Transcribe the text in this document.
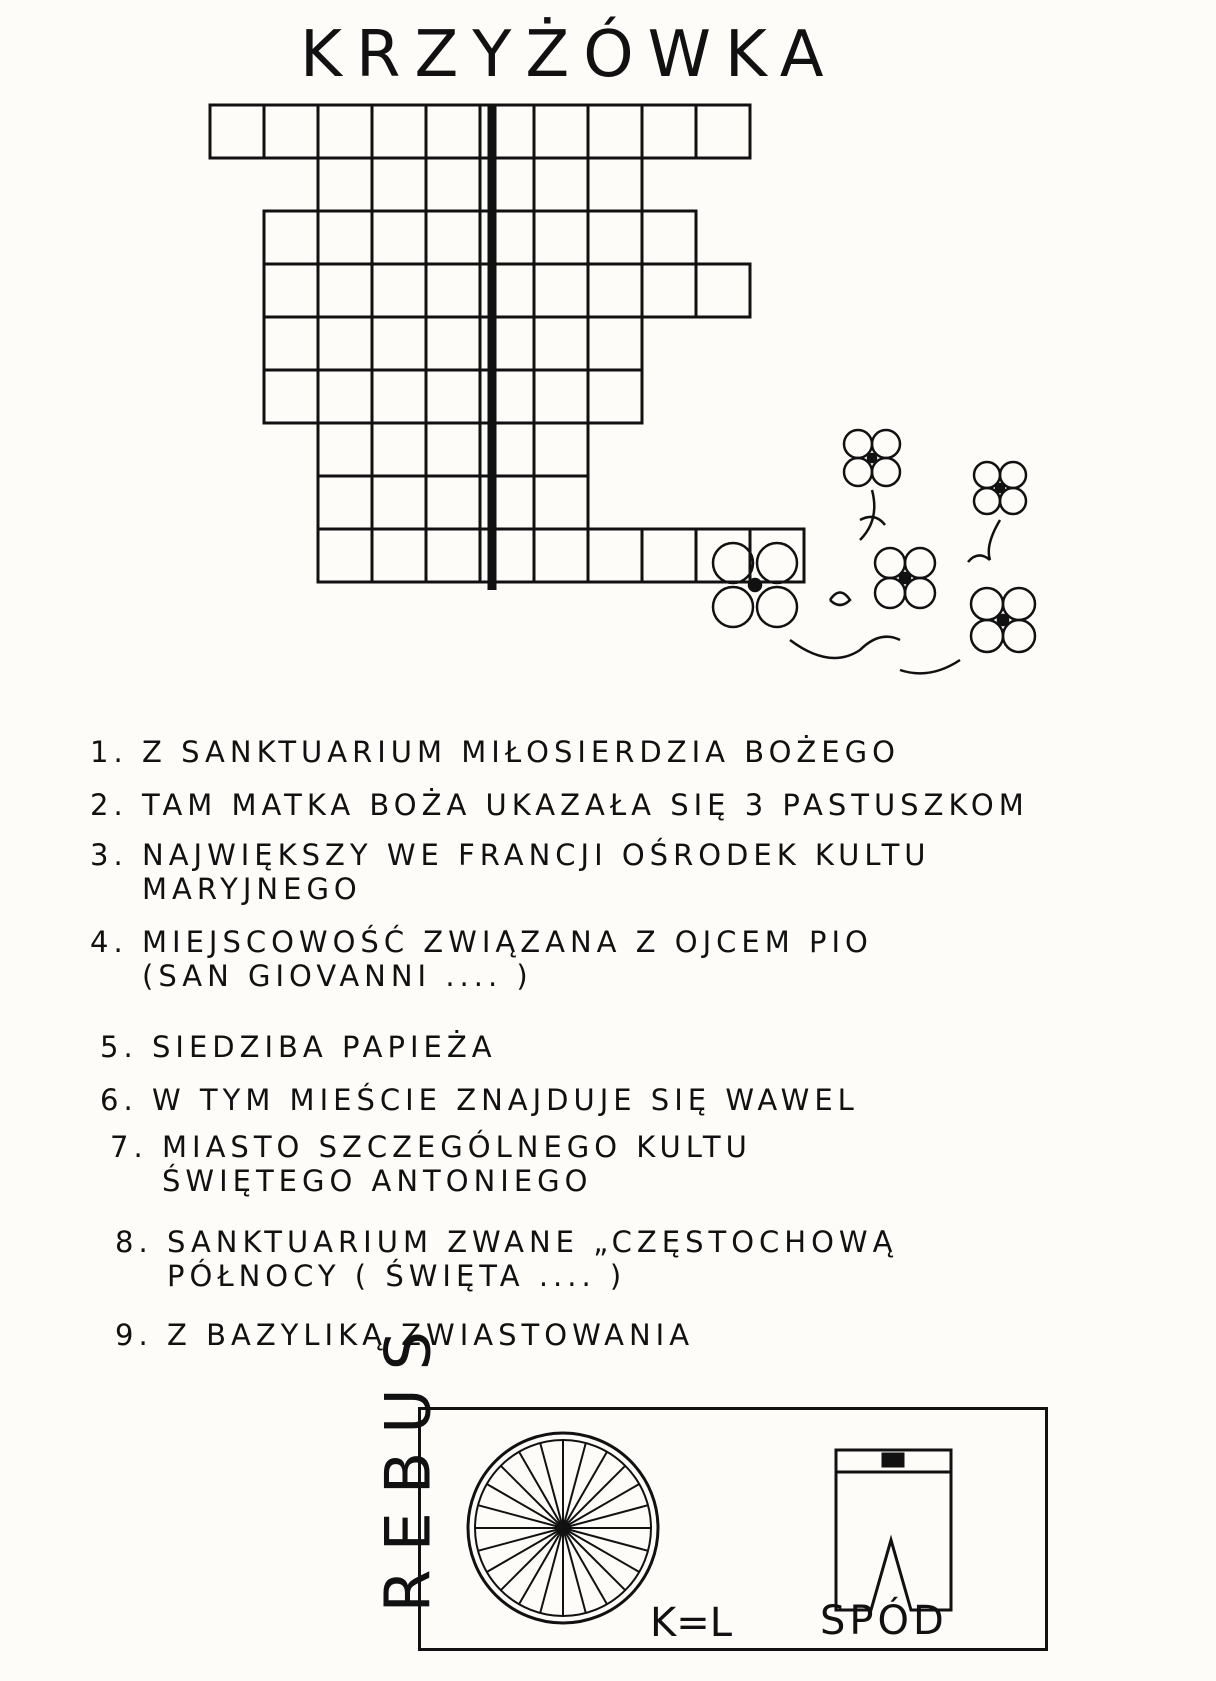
KRZYŻÓWKA
1. Z SANKTUARIUM MIŁOSIERDZIA BOŻEGO
2. TAM MATKA BOŻA UKAZAŁA SIĘ 3 PASTUSZKOM
3. NAJWIĘKSZY WE FRANCJI OŚRODEK KULTU
MARYJNEGO
4. MIEJSCOWOŚĆ ZWIĄZANA Z OJCEM PIO
(SAN GIOVANNI .... )
5. SIEDZIBA PAPIEŻA
6. W TYM MIEŚCIE ZNAJDUJE SIĘ WAWEL
7. MIASTO SZCZEGÓLNEGO KULTU
ŚWIĘTEGO ANTONIEGO
8. SANKTUARIUM ZWANE „CZĘSTOCHOWĄ
PÓŁNOCY ( ŚWIĘTA .... )
9. Z BAZYLIKĄ ZWIASTOWANIA
REBUS
K=L SPÓD
